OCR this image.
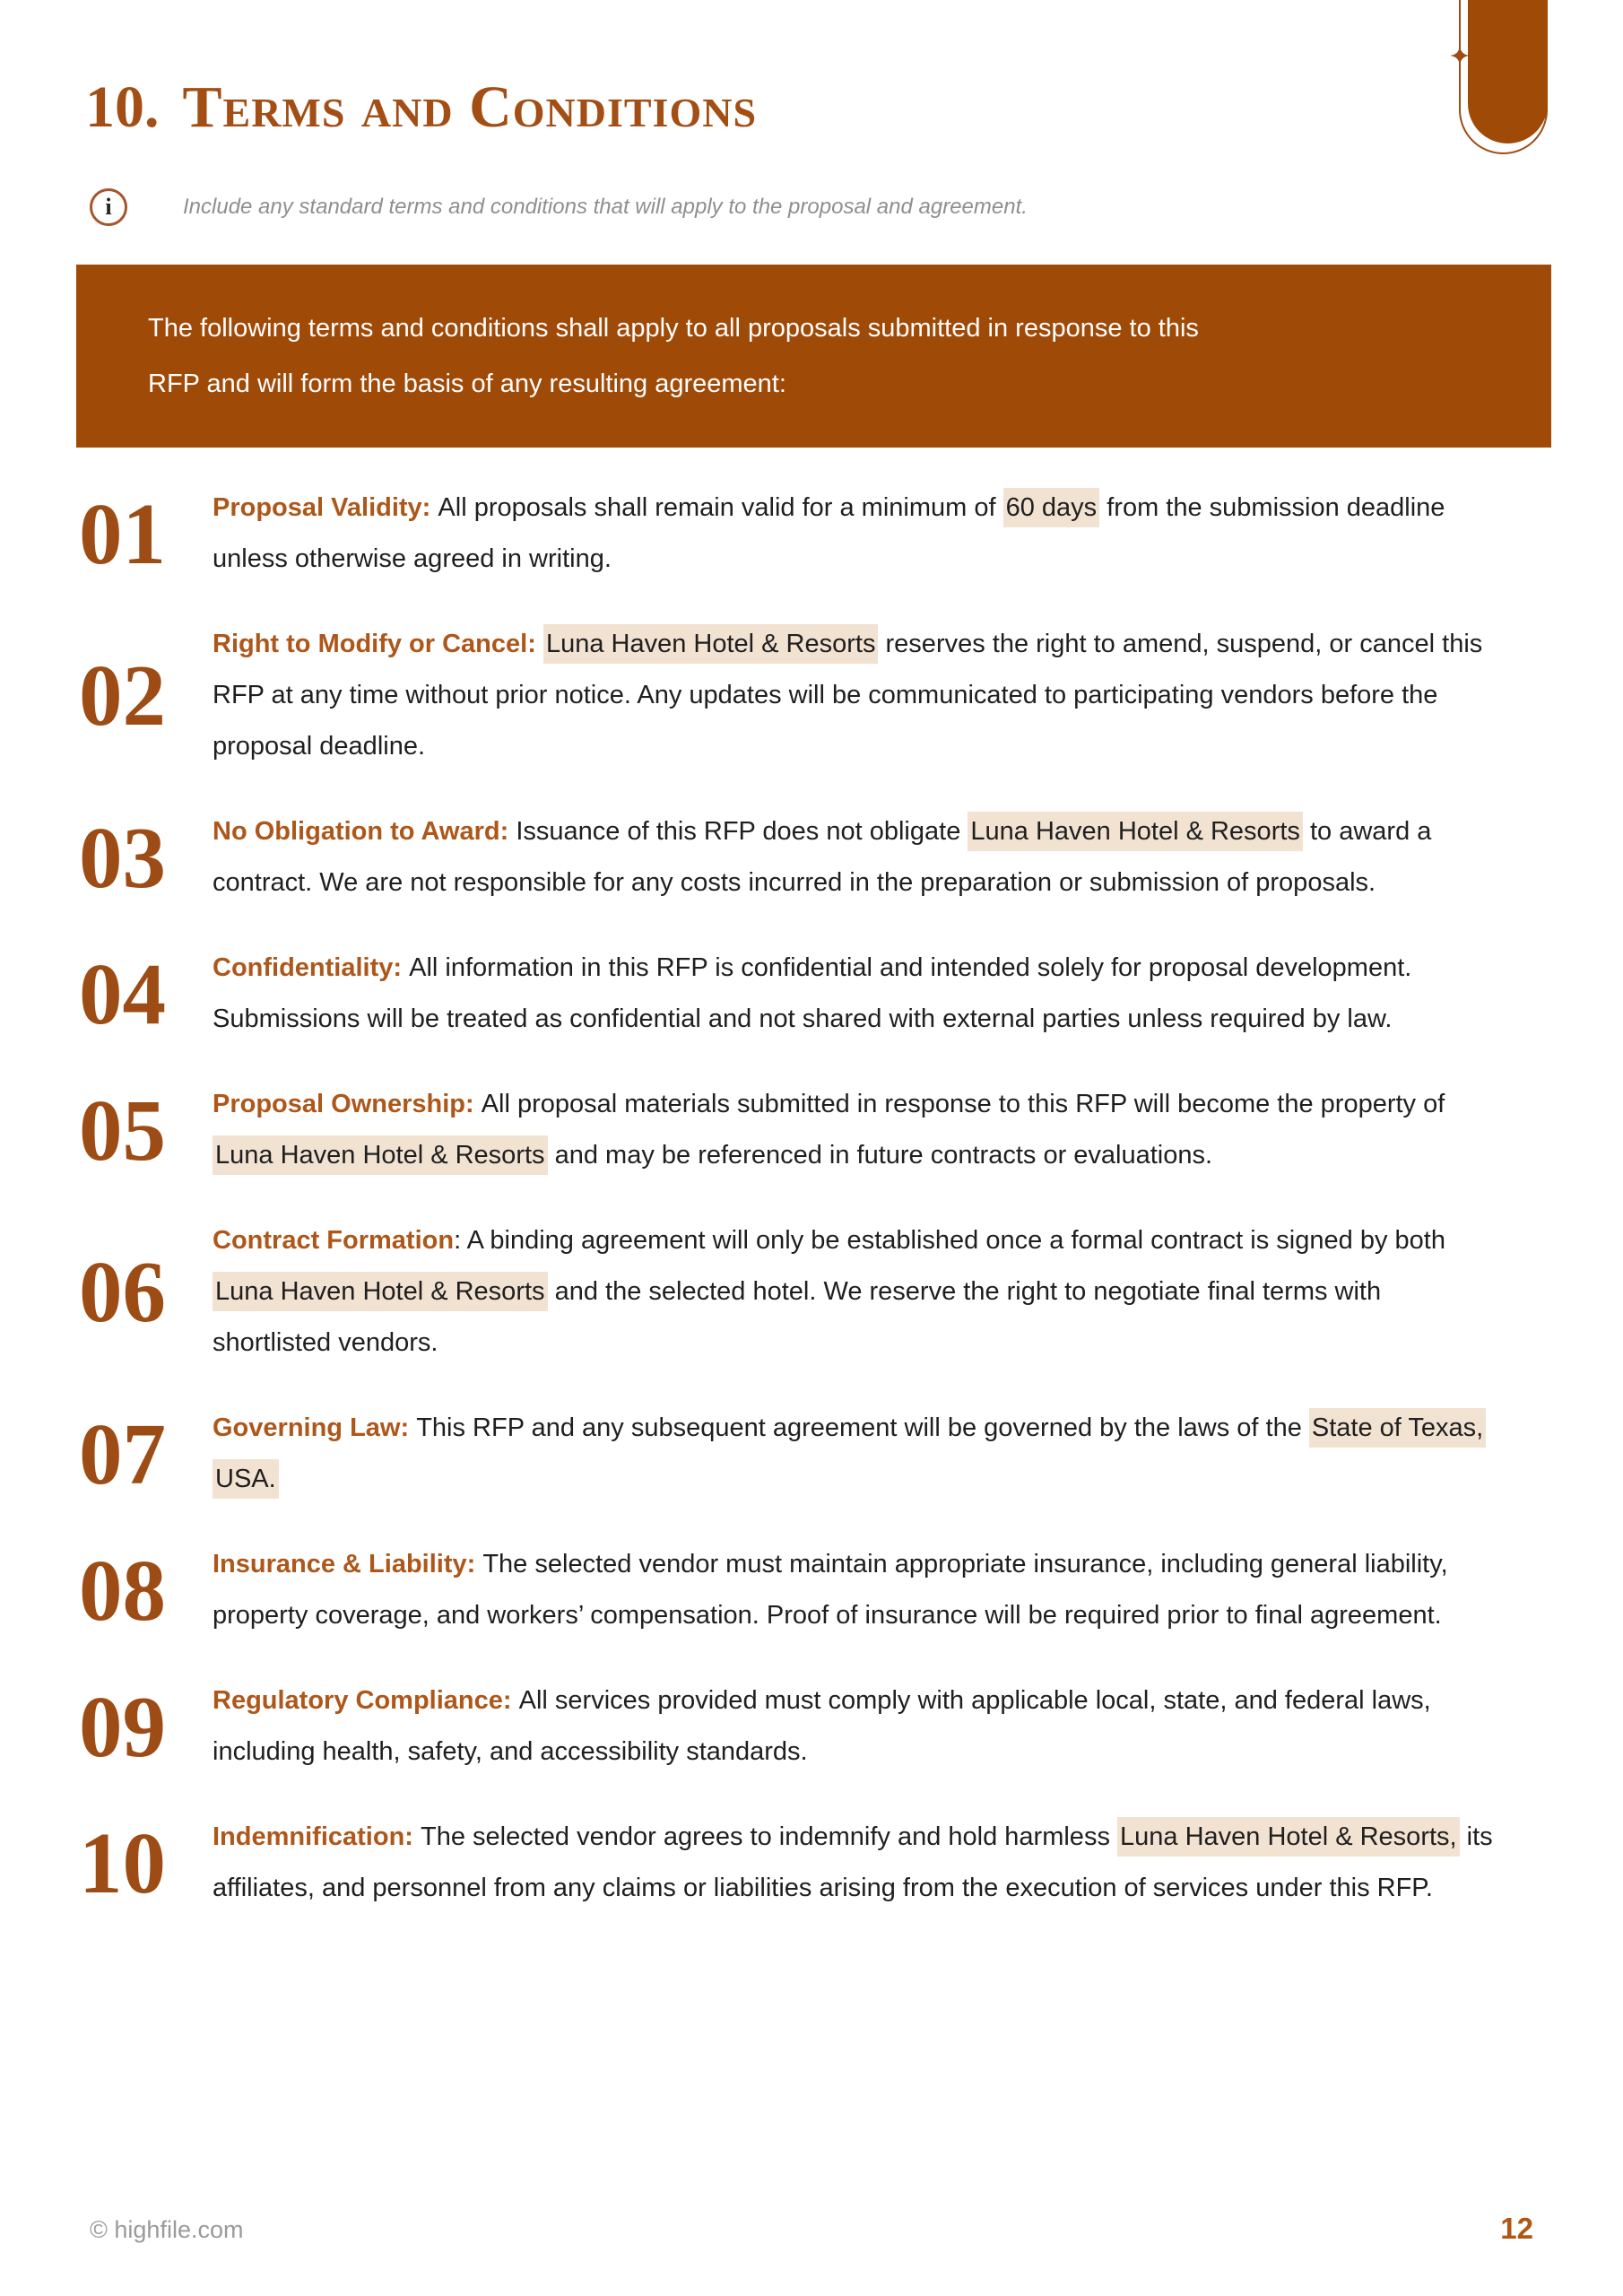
10. Terms and Conditions
i	Include any standard terms and conditions that will apply to the proposal and agreement.
The following terms and conditions shall apply to all proposals submitted in response to this RFP and will form the basis of any resulting agreement:
01	Proposal Validity: All proposals shall remain valid for a minimum of 60 days from the submission deadline unless otherwise agreed in writing.

02

Right to Modify or Cancel: Luna Haven Hotel & Resorts reserves the right to amend, suspend, or cancel this RFP at any time without prior notice. Any updates will be communicated to participating vendors before the proposal deadline.

03	No Obligation to Award: Issuance of this RFP does not obligate Luna Haven Hotel & Resorts to award a contract. We are not responsible for any costs incurred in the preparation or submission of proposals.

04	Confidentiality: All information in this RFP is confidential and intended solely for proposal development. Submissions will be treated as confidential and not shared with external parties unless required by law.

05	Proposal Ownership: All proposal materials submitted in response to this RFP will become the property of Luna Haven Hotel & Resorts and may be referenced in future contracts or evaluations.

06

Contract Formation: A binding agreement will only be established once a formal contract is signed by both Luna Haven Hotel & Resorts and the selected hotel. We reserve the right to negotiate final terms with shortlisted vendors.

07	Governing Law: This RFP and any subsequent agreement will be governed by the laws of the State of Texas, USA.

08	Insurance & Liability: The selected vendor must maintain appropriate insurance, including general liability, property coverage, and workers’ compensation. Proof of insurance will be required prior to final agreement.

09	Regulatory Compliance: All services provided must comply with applicable local, state, and federal laws, including health, safety, and accessibility standards.

10	Indemnification: The selected vendor agrees to indemnify and hold harmless Luna Haven Hotel & Resorts, its affiliates, and personnel from any claims or liabilities arising from the execution of services under this RFP.

© highfile.com	12
